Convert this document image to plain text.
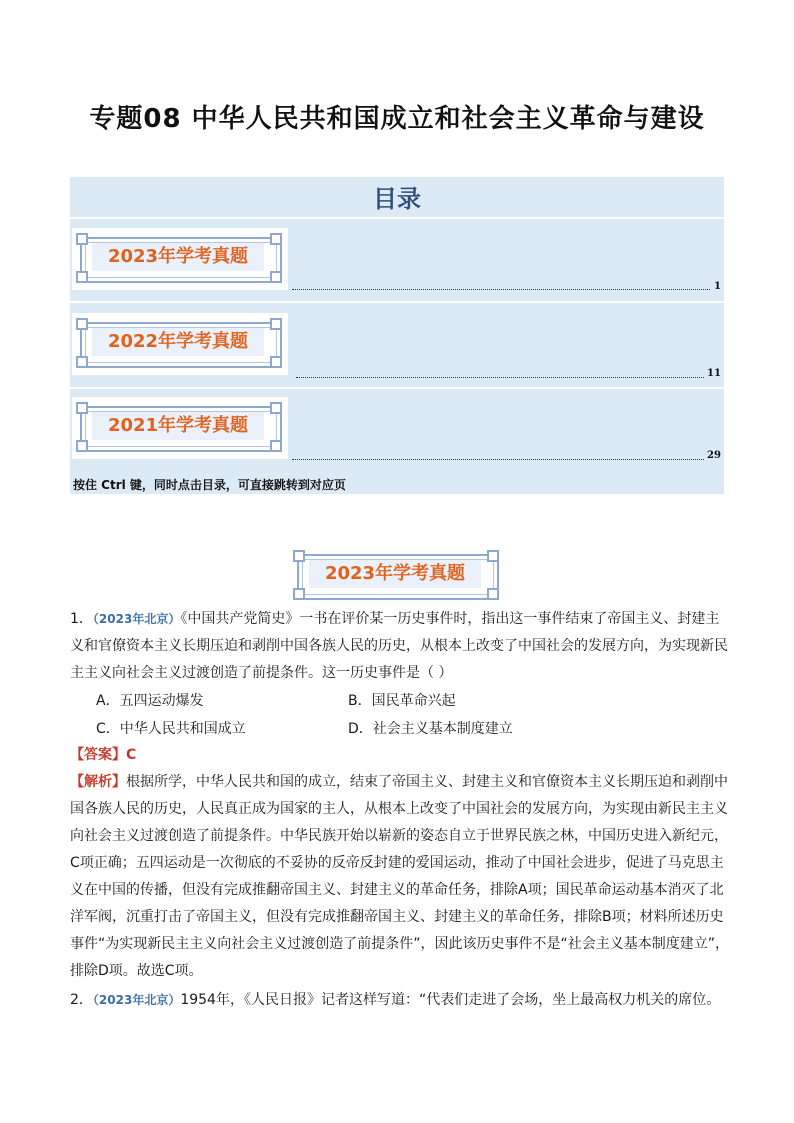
专题08 中华人民共和国成立和社会主义革命与建设
目录
2023年学考真题
1
2022年学考真题
11
2021年学考真题
29
按住 Ctrl 键，同时点击目录，可直接跳转到对应页
2023年学考真题
1．（2023年北京）《中国共产党简史》一书在评价某一历史事件时，指出这一事件结束了帝国主义、封建主义和官僚资本主义长期压迫和剥削中国各族人民的历史，从根本上改变了中国社会的发展方向，为实现新民主主义向社会主义过渡创造了前提条件。这一历史事件是（ ）
A．五四运动爆发	B．国民革命兴起
C．中华人民共和国成立	D．社会主义基本制度建立
【答案】C
【解析】根据所学，中华人民共和国的成立，结束了帝国主义、封建主义和官僚资本主义长期压迫和剥削中国各族人民的历史，人民真正成为国家的主人，从根本上改变了中国社会的发展方向，为实现由新民主主义向社会主义过渡创造了前提条件。中华民族开始以崭新的姿态自立于世界民族之林，中国历史进入新纪元，C项正确；五四运动是一次彻底的不妥协的反帝反封建的爱国运动，推动了中国社会进步，促进了马克思主义在中国的传播，但没有完成推翻帝国主义、封建主义的革命任务，排除A项；国民革命运动基本消灭了北洋军阀，沉重打击了帝国主义，但没有完成推翻帝国主义、封建主义的革命任务，排除B项；材料所述历史事件“为实现新民主主义向社会主义过渡创造了前提条件”，因此该历史事件不是“社会主义基本制度建立”，排除D项。故选C项。
2．（2023年北京）1954年，《人民日报》记者这样写道：“代表们走进了会场，坐上最高权力机关的席位。
